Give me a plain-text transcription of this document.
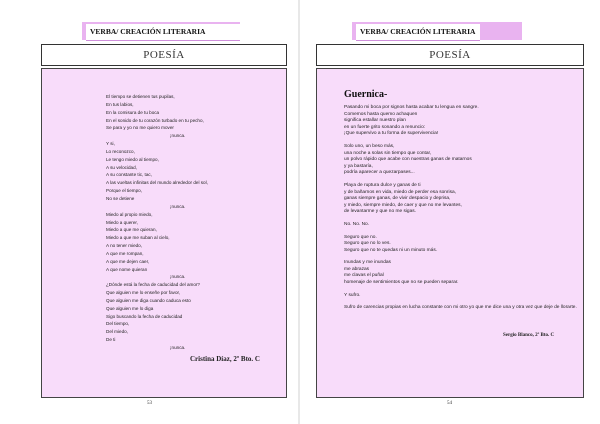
VERBA/ CREACIÓN LITERARIA
POESÍA
El tiempo se detienen tus pupilas,
En tus labios,
En la comisura de tu boca
En el sonido de tu corazón turbado en tu pecho,
Se para y yo no me quiero mover
¡nunca.
Y si,
Lo reconozco,
Le tengo miedo al tiempo,
A su velocidad,
A su constante tic, tac,
A las vueltas infinitas del mundo alrededor del sol,
Porque el tiempo,
No se detiene
¡nunca.
Miedo al propio miedo,
Miedo a querer,
Miedo a que me quieran,
Miedo a que me suban al cielo,
A no tener miedo,
A que me rompan,
A que me dejen caer,
A que nome quieran
¡nunca.
¿Dónde está la fecha de caducidad del amor?
Que alguien me lo enseñe por favor,
Que alguien me diga cuando caduca esto
Que alguien me lo diga
Sigo buscando la fecha de caducidad
Del tiempo,
Del miedo,
De ti
¡nunca.
Cristina Díaz, 2º Bto. C
53
VERBA/ CREACIÓN LITERARIA
POESÍA
Guernica-
Pasando mi boca por signos hasta acabar tu lengua en sangre.
Comemos hasta quemo achaquen
significa estallar nuestro plan
en un fuerte grito sonando a renuncio:
¡Que supervivo a tu forma de supervivencia!
Solo uno, un beso más,
una noche a solas sin tiempo que contar,
un polvo rápido que acabe con nuestras ganas de matarnos
y ya bastaría,
podría aparecer a quezarpases...
Playa de ruptura dulce y ganas de ti
y de bañarnos en vida, miedo de perder esa sonrisa,
ganas siempre ganas, de vivir despacio y deprisa,
y miedo, siempre miedo, de caer y que no me levantes,
de levantarme y que no me sigas.
No. No. No.
Seguro que no.
Seguro que no lo ves.
Seguro que no te quedas ni un minuto más.
Inundas y me inundas
me abrazas
me clavas el puñal
homenaje de sentimientos que no se pueden separar.
Y sufro.
Sufro de carencias propias en lucha constante con mi otro yo que me dice una y otra vez que deje de llorarte.
Sergio Blanco, 2º Bto. C
54
